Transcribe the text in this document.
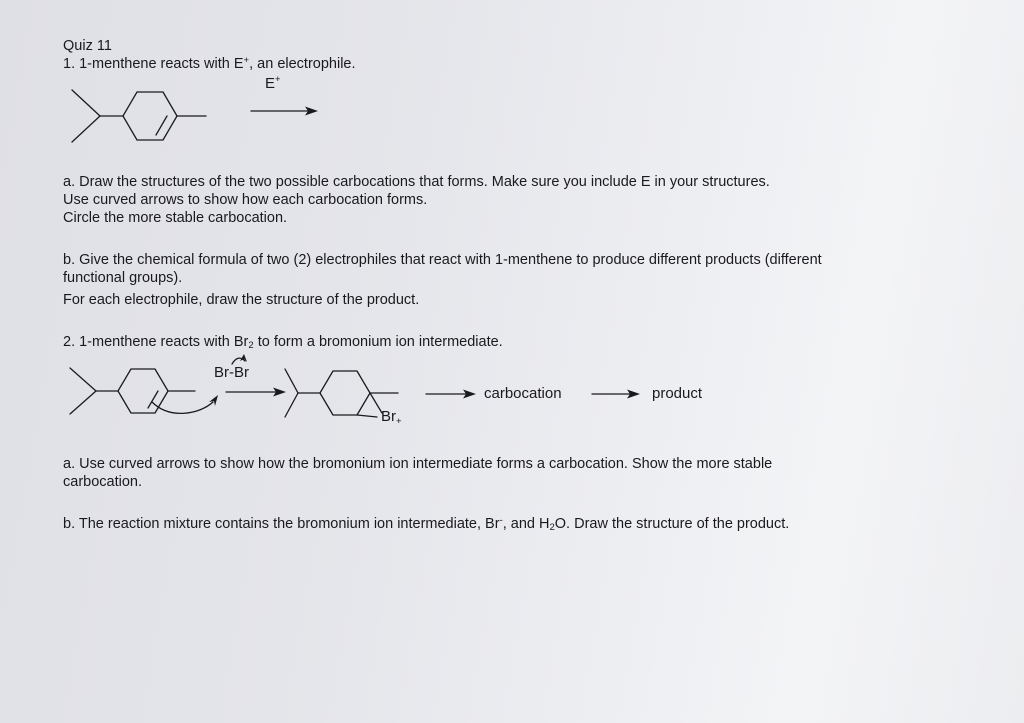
Quiz 11
1. 1-menthene reacts with E+, an electrophile.
E+
a. Draw the structures of the two possible carbocations that forms. Make sure you include E in your structures.
Use curved arrows to show how each carbocation forms.
Circle the more stable carbocation.
b. Give the chemical formula of two (2) electrophiles that react with 1-menthene to produce different products (different
functional groups).
For each electrophile, draw the structure of the product.
2. 1-menthene reacts with $Br_2$ to form a bromonium ion intermediate.
Br-Br
$Br_+$
carbocation	product
a. Use curved arrows to show how the bromonium ion intermediate forms a carbocation. Show the more stable
carbocation.
b. The reaction mixture contains the bromonium ion intermediate, Br-, and $H_2O$. Draw the structure of the product.
